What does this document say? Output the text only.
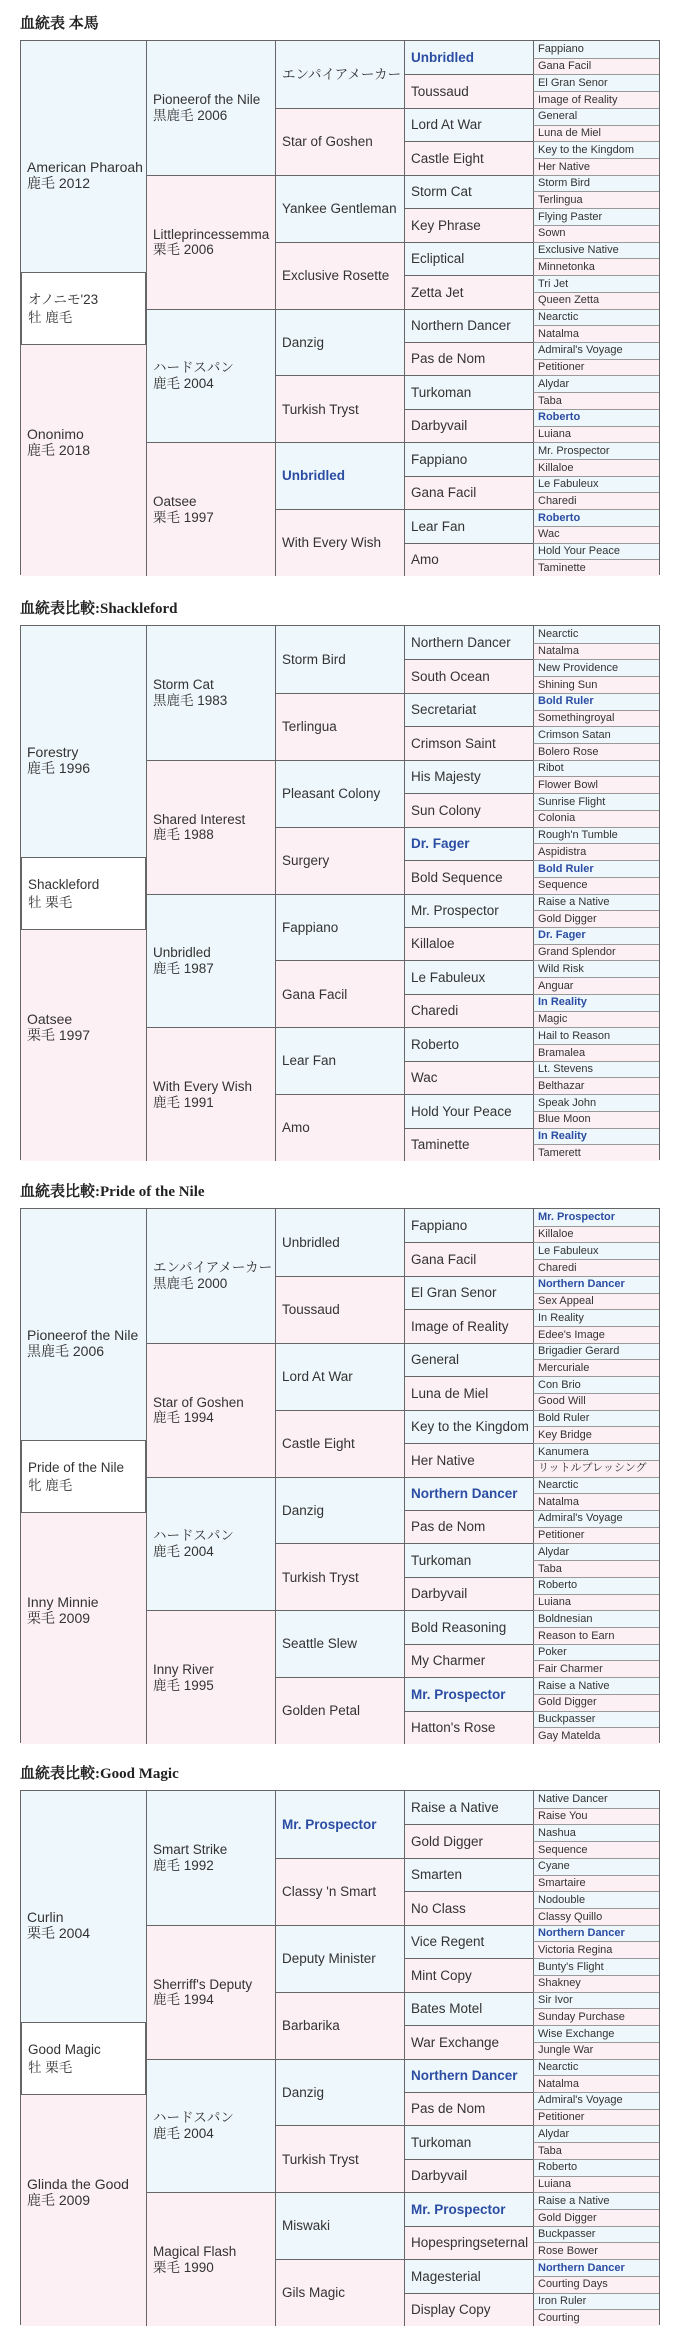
血統表 本馬
American Pharoah
鹿毛 2012
Ononimo
鹿毛 2018
オノニモ'23
牡 鹿毛
Pioneerof the Nile
黒鹿毛 2006
Littleprincessemma
栗毛 2006
ハードスパン
鹿毛 2004
Oatsee
栗毛 1997
エンパイアメーカー
Star of Goshen
Yankee Gentleman
Exclusive Rosette
Danzig
Turkish Tryst
Unbridled
With Every Wish
Unbridled
Toussaud
Lord At War
Castle Eight
Storm Cat
Key Phrase
Ecliptical
Zetta Jet
Northern Dancer
Pas de Nom
Turkoman
Darbyvail
Fappiano
Gana Facil
Lear Fan
Amo
Fappiano
Gana Facil
El Gran Senor
Image of Reality
General
Luna de Miel
Key to the Kingdom
Her Native
Storm Bird
Terlingua
Flying Paster
Sown
Exclusive Native
Minnetonka
Tri Jet
Queen Zetta
Nearctic
Natalma
Admiral's Voyage
Petitioner
Alydar
Taba
Roberto
Luiana
Mr. Prospector
Killaloe
Le Fabuleux
Charedi
Roberto
Wac
Hold Your Peace
Taminette
血統表比較:Shackleford
Forestry
鹿毛 1996
Oatsee
栗毛 1997
Shackleford
牡 栗毛
Storm Cat
黒鹿毛 1983
Shared Interest
鹿毛 1988
Unbridled
鹿毛 1987
With Every Wish
鹿毛 1991
Storm Bird
Terlingua
Pleasant Colony
Surgery
Fappiano
Gana Facil
Lear Fan
Amo
Northern Dancer
South Ocean
Secretariat
Crimson Saint
His Majesty
Sun Colony
Dr. Fager
Bold Sequence
Mr. Prospector
Killaloe
Le Fabuleux
Charedi
Roberto
Wac
Hold Your Peace
Taminette
Nearctic
Natalma
New Providence
Shining Sun
Bold Ruler
Somethingroyal
Crimson Satan
Bolero Rose
Ribot
Flower Bowl
Sunrise Flight
Colonia
Rough'n Tumble
Aspidistra
Bold Ruler
Sequence
Raise a Native
Gold Digger
Dr. Fager
Grand Splendor
Wild Risk
Anguar
In Reality
Magic
Hail to Reason
Bramalea
Lt. Stevens
Belthazar
Speak John
Blue Moon
In Reality
Tamerett
血統表比較:Pride of the Nile
Pioneerof the Nile
黒鹿毛 2006
Inny Minnie
栗毛 2009
Pride of the Nile
牝 鹿毛
エンパイアメーカー
黒鹿毛 2000
Star of Goshen
鹿毛 1994
ハードスパン
鹿毛 2004
Inny River
鹿毛 1995
Unbridled
Toussaud
Lord At War
Castle Eight
Danzig
Turkish Tryst
Seattle Slew
Golden Petal
Fappiano
Gana Facil
El Gran Senor
Image of Reality
General
Luna de Miel
Key to the Kingdom
Her Native
Northern Dancer
Pas de Nom
Turkoman
Darbyvail
Bold Reasoning
My Charmer
Mr. Prospector
Hatton's Rose
Mr. Prospector
Killaloe
Le Fabuleux
Charedi
Northern Dancer
Sex Appeal
In Reality
Edee's Image
Brigadier Gerard
Mercuriale
Con Brio
Good Will
Bold Ruler
Key Bridge
Kanumera
リットルブレッシング
Nearctic
Natalma
Admiral's Voyage
Petitioner
Alydar
Taba
Roberto
Luiana
Boldnesian
Reason to Earn
Poker
Fair Charmer
Raise a Native
Gold Digger
Buckpasser
Gay Matelda
血統表比較:Good Magic
Curlin
栗毛 2004
Glinda the Good
鹿毛 2009
Good Magic
牡 栗毛
Smart Strike
鹿毛 1992
Sherriff's Deputy
鹿毛 1994
ハードスパン
鹿毛 2004
Magical Flash
栗毛 1990
Mr. Prospector
Classy 'n Smart
Deputy Minister
Barbarika
Danzig
Turkish Tryst
Miswaki
Gils Magic
Raise a Native
Gold Digger
Smarten
No Class
Vice Regent
Mint Copy
Bates Motel
War Exchange
Northern Dancer
Pas de Nom
Turkoman
Darbyvail
Mr. Prospector
Hopespringseternal
Magesterial
Display Copy
Native Dancer
Raise You
Nashua
Sequence
Cyane
Smartaire
Nodouble
Classy Quillo
Northern Dancer
Victoria Regina
Bunty's Flight
Shakney
Sir Ivor
Sunday Purchase
Wise Exchange
Jungle War
Nearctic
Natalma
Admiral's Voyage
Petitioner
Alydar
Taba
Roberto
Luiana
Raise a Native
Gold Digger
Buckpasser
Rose Bower
Northern Dancer
Courting Days
Iron Ruler
Courting
